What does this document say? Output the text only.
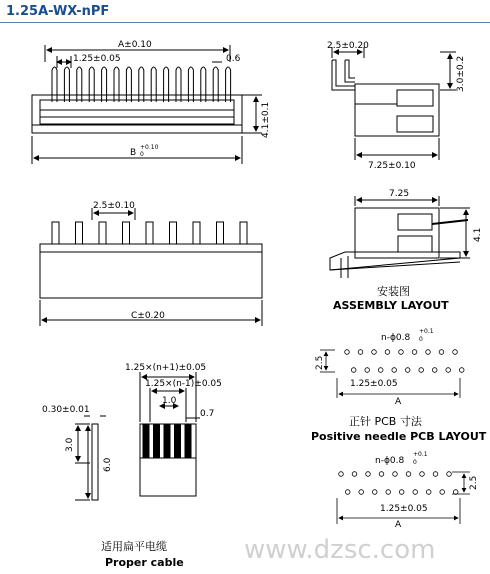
1.25A-WX-nPF
A±0.10
1.25±0.05	0.6
B
+0.10
0
4.1±0.1
2.5±0.20
3.0±0.2
7.25±0.10
2.5±0.10
C±0.20
7.25
4.1
安装图
ASSEMBLY LAYOUT
n-ϕ0.8
+0.1
0
2.5
1.25±0.05
A
正针 PCB 寸法
Positive needle PCB LAYOUT
n-ϕ0.8
+0.1
0
2.5
1.25±0.05
A
1.25×(n+1)±0.05
1.25×(n-1)±0.05
1.0
0.7
0.30±0.01
3.0
6.0
适用扁平电缆
Proper cable www.dzsc.com
